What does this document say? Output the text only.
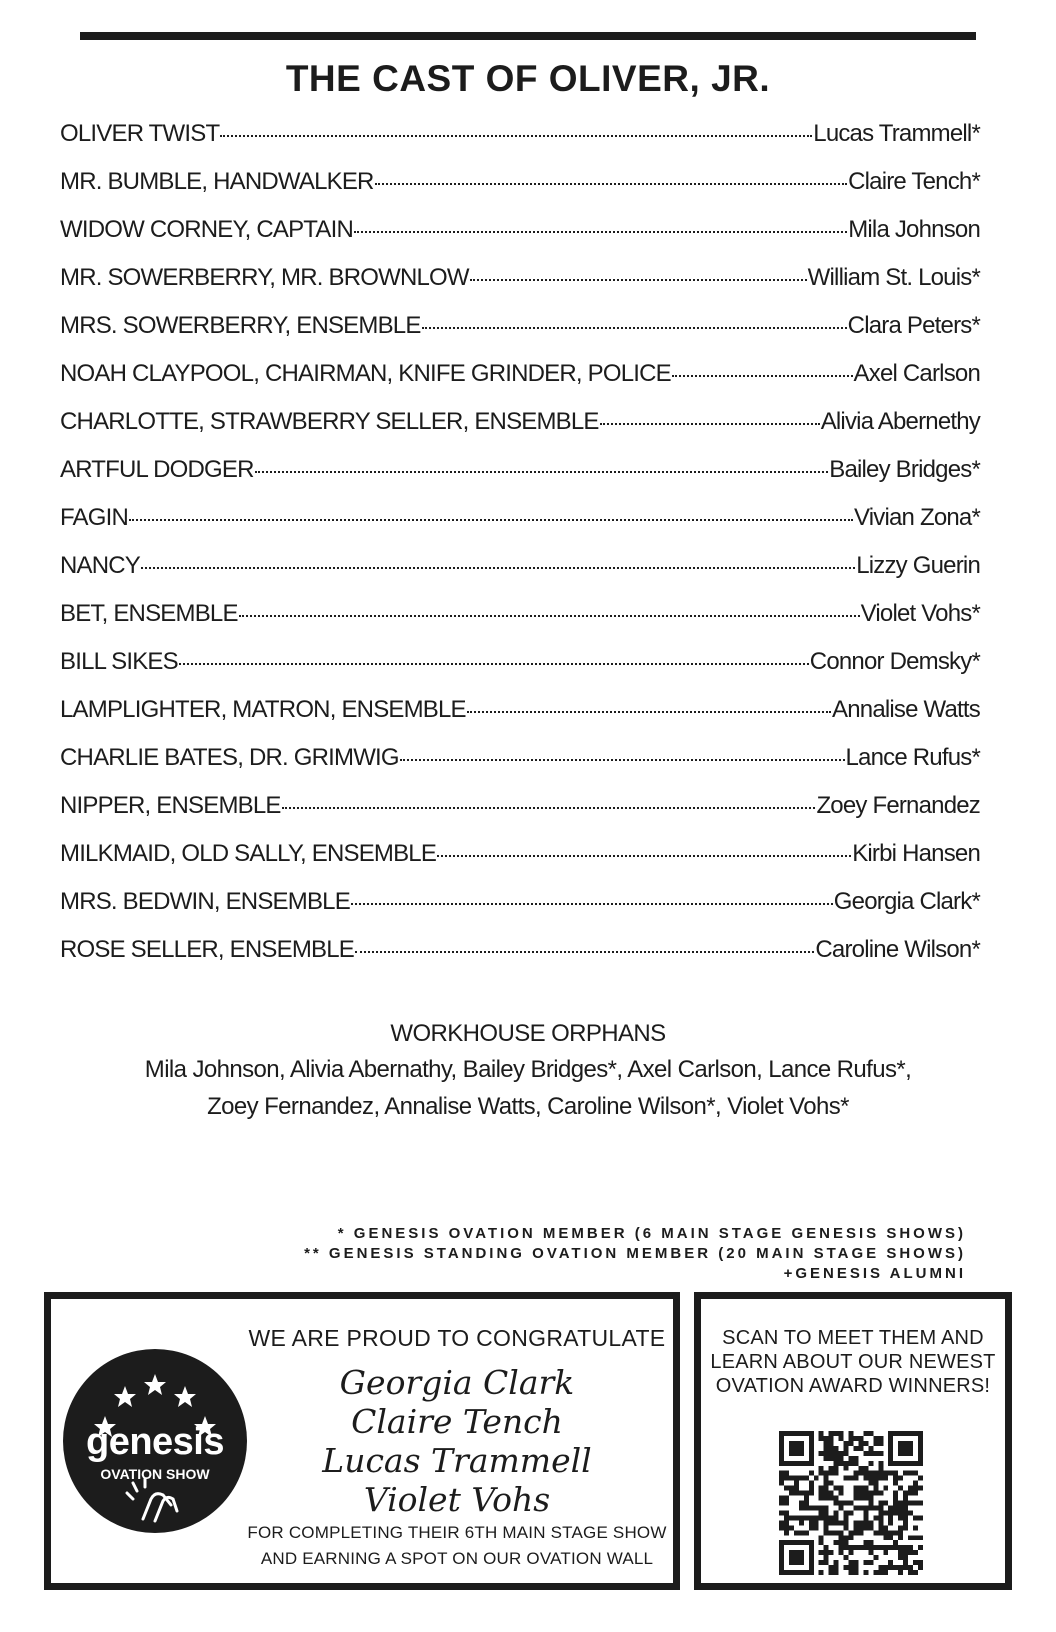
THE CAST OF OLIVER, JR.
OLIVER TWIST	Lucas Trammell*
MR. BUMBLE, HANDWALKER	Claire Tench*
WIDOW CORNEY, CAPTAIN	Mila Johnson
MR. SOWERBERRY, MR. BROWNLOW	William St. Louis*
MRS. SOWERBERRY, ENSEMBLE	Clara Peters*
NOAH CLAYPOOL, CHAIRMAN, KNIFE GRINDER, POLICE	Axel Carlson
CHARLOTTE, STRAWBERRY SELLER, ENSEMBLE	Alivia Abernethy
ARTFUL DODGER	Bailey Bridges*
FAGIN	Vivian Zona*
NANCY	Lizzy Guerin
BET, ENSEMBLE	Violet Vohs*
BILL SIKES	Connor Demsky*
LAMPLIGHTER, MATRON, ENSEMBLE	Annalise Watts
CHARLIE BATES, DR. GRIMWIG	Lance Rufus*
NIPPER, ENSEMBLE	Zoey Fernandez
MILKMAID, OLD SALLY, ENSEMBLE	Kirbi Hansen
MRS. BEDWIN, ENSEMBLE	Georgia Clark*
ROSE SELLER, ENSEMBLE	Caroline Wilson*
WORKHOUSE ORPHANS
Mila Johnson, Alivia Abernathy, Bailey Bridges*, Axel Carlson, Lance Rufus*,
Zoey Fernandez, Annalise Watts, Caroline Wilson*, Violet Vohs*
* GENESIS OVATION MEMBER (6 MAIN STAGE GENESIS SHOWS)
** GENESIS STANDING OVATION MEMBER (20 MAIN STAGE SHOWS)
+GENESIS ALUMNI
genesis
OVATION SHOW
WE ARE PROUD TO CONGRATULATE
Georgia Clark
Claire Tench
Lucas Trammell
Violet Vohs
FOR COMPLETING THEIR 6TH MAIN STAGE SHOW
AND EARNING A SPOT ON OUR OVATION WALL
SCAN TO MEET THEM AND
LEARN ABOUT OUR NEWEST
OVATION AWARD WINNERS!
